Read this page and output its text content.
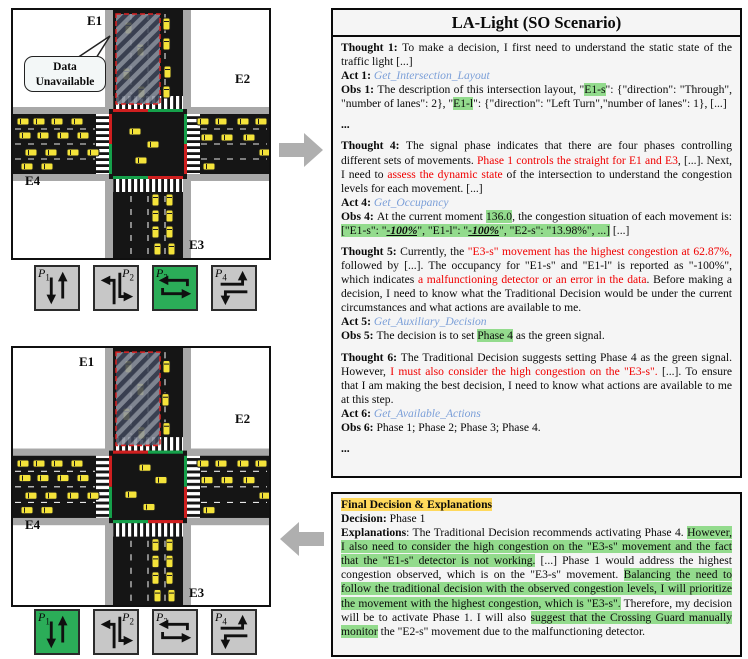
E1
E2
E3
E4
Data
Unavailable
$P_1$	$P_2$ $P_3$	$P_4$
E1
E2
E3
E4
$P_1$	$P_2$ $P_3$	$P_4$
LA-Light (SO Scenario)
Thought 1: To make a decision, I first need to understand the static state of the traffic light [...]
Act 1: Get_Intersection_Layout
Obs 1: The description of this intersection layout, "E1-s": {"direction": "Through", "number of lanes": 2}, "E1-l": {"direction": "Left Turn","number of lanes": 1}, [...]
...
Thought 4: The signal phase indicates that there are four phases controlling different sets of movements. Phase 1 controls the straight for E1 and E3, [...]. Next, I need to assess the dynamic state of the intersection to understand the congestion levels for each movement. [...]
Act 4: Get_Occupancy
Obs 4: At the current moment 136.0, the congestion situation of each movement is: ["E1-s": "-100%", "E1-l": "-100%", "E2-s": "13.98%", ...] [...]
Thought 5: Currently, the "E3-s" movement has the highest congestion at 62.87%, followed by [...]. The occupancy for "E1-s" and "E1-l" is reported as "-100%", which indicates a malfunctioning detector or an error in the data. Before making a decision, I need to know what the Traditional Decision would be under the current circumstances and what actions are available to me.
Act 5: Get_Auxiliary_Decision
Obs 5: The decision is to set Phase 4 as the green signal.
Thought 6: The Traditional Decision suggests setting Phase 4 as the green signal. However, I must also consider the high congestion on the "E3-s". [...]. To ensure that I am making the best decision, I need to know what actions are available to me at this step.
Act 6: Get_Available_Actions
Obs 6: Phase 1; Phase 2; Phase 3; Phase 4.
...
Final Decision & Explanations
Decision: Phase 1
Explanations: The Traditional Decision recommends activating Phase 4. However, I also need to consider the high congestion on the "E3-s" movement and the fact that the "E1-s" detector is not working. [...] Phase 1 would address the highest congestion observed, which is on the "E3-s" movement. Balancing the need to follow the traditional decision with the observed congestion levels, I will prioritize the movement with the highest congestion, which is "E3-s". Therefore, my decision will be to activate Phase 1. I will also suggest that the Crossing Guard manually monitor the "E2-s" movement due to the malfunctioning detector.
